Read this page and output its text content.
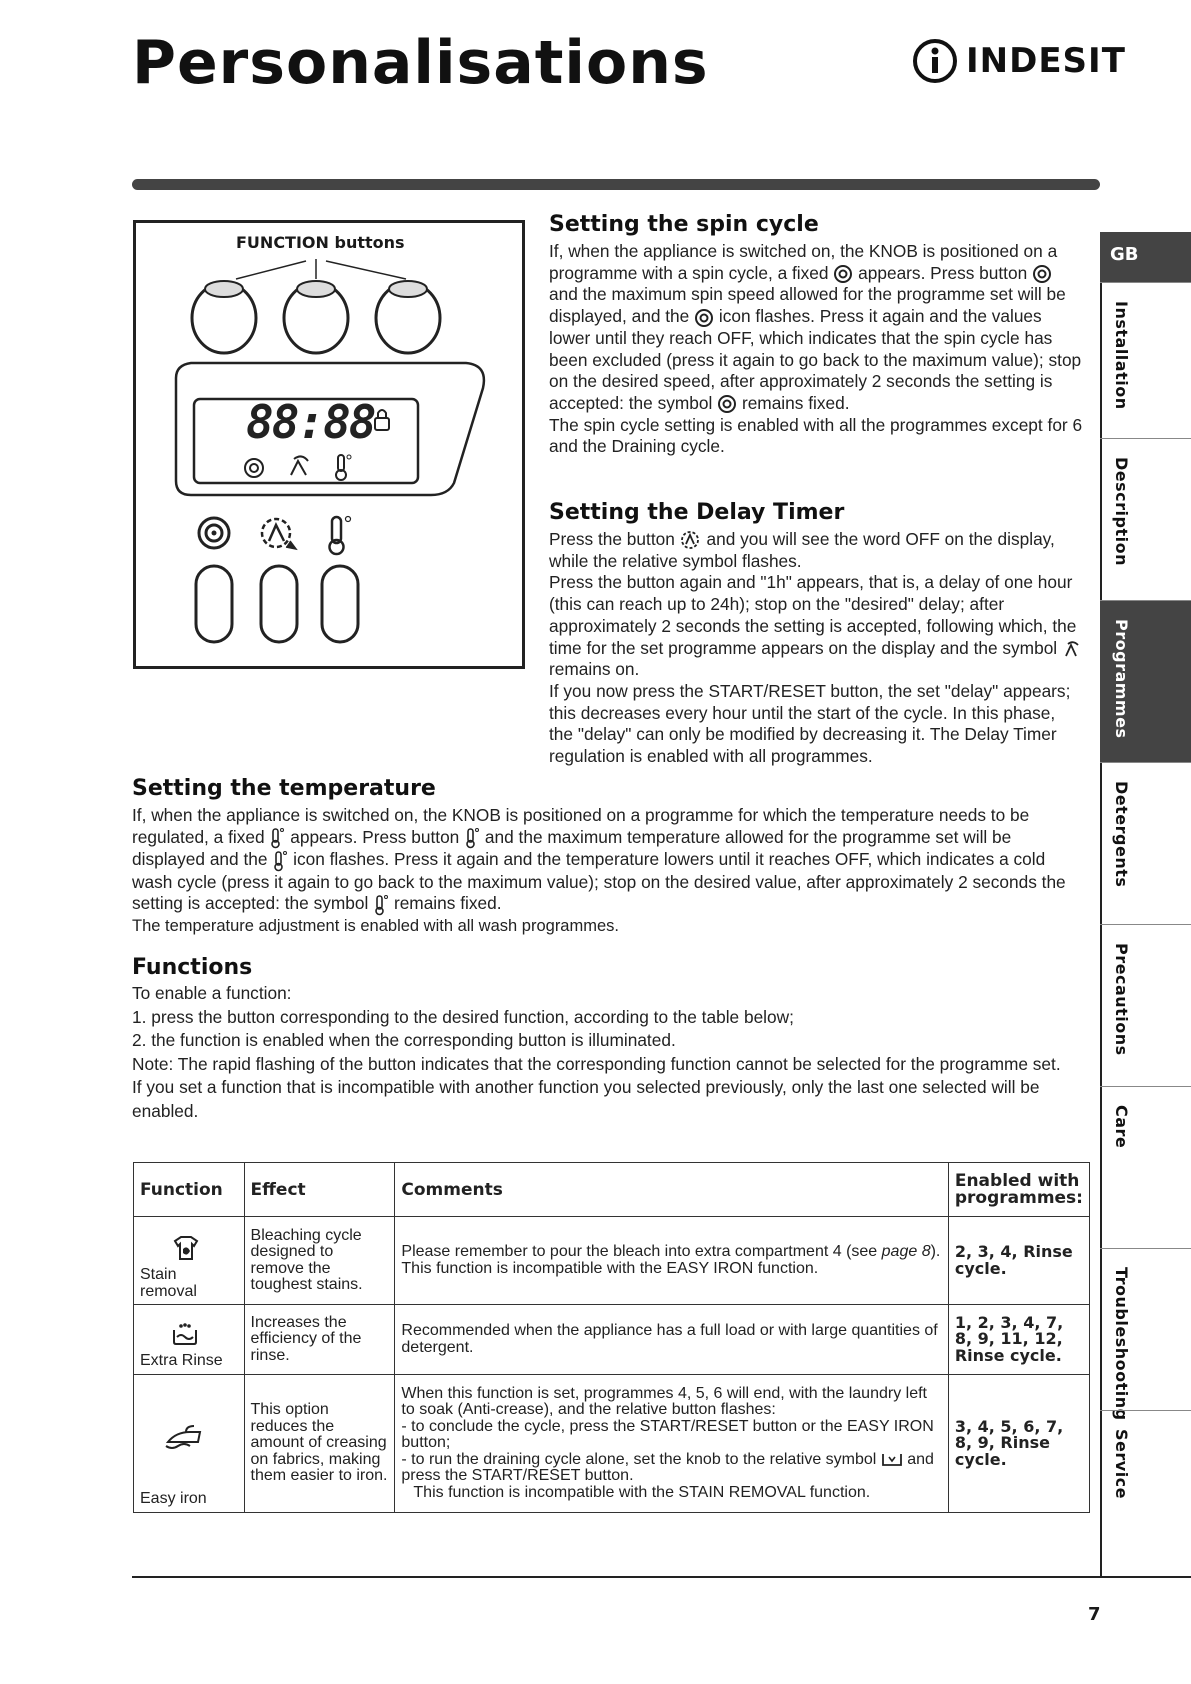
Personalisations	INDESIT
FUNCTION buttons
88:88
Setting the spin cycle

If, when the appliance is switched on, the KNOB is positioned on a programme with a spin cycle, a fixed appears. Press button  and the maximum spin speed allowed for the programme set will be displayed, and the icon flashes. Press it again and the values lower until they reach OFF, which indicates that the spin cycle has been excluded (press it again to go back to the maximum value); stop on the desired speed, after approximately 2 seconds the setting is accepted: the symbol remains fixed.

The spin cycle setting is enabled with all the programmes except for 6 and the Draining cycle.

Setting the Delay Timer

Press the button and you will see the word OFF on the display, while the relative symbol flashes.

Press the button again and "1h" appears, that is, a delay of one hour (this can reach up to 24h); stop on the "desired" delay; after approximately 2 seconds the setting is accepted, following which, the time for the set programme appears on the display and the symbol  remains on.

If you now press the START/RESET button, the set "delay" appears; this decreases every hour until the start of the cycle. In this phase, the "delay" can only be modified by decreasing it. The Delay Timer regulation is enabled with all programmes.

Setting the temperature

If, when the appliance is switched on, the KNOB is positioned on a programme for which the temperature needs to be regulated, a fixed appears. Press button and the maximum temperature allowed for the programme set will be displayed and the icon flashes. Press it again and the temperature lowers until it reaches OFF, which indicates a cold wash cycle (press it again to go back to the maximum value); stop on the desired value, after approximately 2 seconds the setting is accepted: the symbol remains fixed.

The temperature adjustment is enabled with all wash programmes.

Functions

To enable a function:

1. press the button corresponding to the desired function, according to the table below;

2. the function is enabled when the corresponding button is illuminated.

Note: The rapid flashing of the button indicates that the corresponding function cannot be selected for the programme set.

If you set a function that is incompatible with another function you selected previously, only the last one selected will be enabled.

Function	Effect	Comments	Enabled with programmes:

Stain removal	Bleaching cycle designed to remove the toughest stains.	Please remember to pour the bleach into extra compartment 4 (see page 8).
This function is incompatible with the EASY IRON function.	2, 3, 4, Rinse cycle.

Extra Rinse	Increases the efficiency of the rinse.	Recommended when the appliance has a full load or with large quantities of detergent.	1, 2, 3, 4, 7, 8, 9, 11, 12, Rinse cycle.

Easy iron	This option reduces the amount of creasing on fabrics, making them easier to iron.	When this function is set, programmes 4, 5, 6 will end, with the laundry left to soak (Anti-crease), and the relative button flashes:
- to conclude the cycle, press the START/RESET button or the EASY IRON button;
- to run the draining cycle alone, set the knob to the relative symbol and press the START/RESET button.
This function is incompatible with the STAIN REMOVAL function.	3, 4, 5, 6, 7, 8, 9, Rinse cycle.
GB
Installation
Description
Programmes
Detergents
Precautions
Care
Troubleshooting
Service
7
